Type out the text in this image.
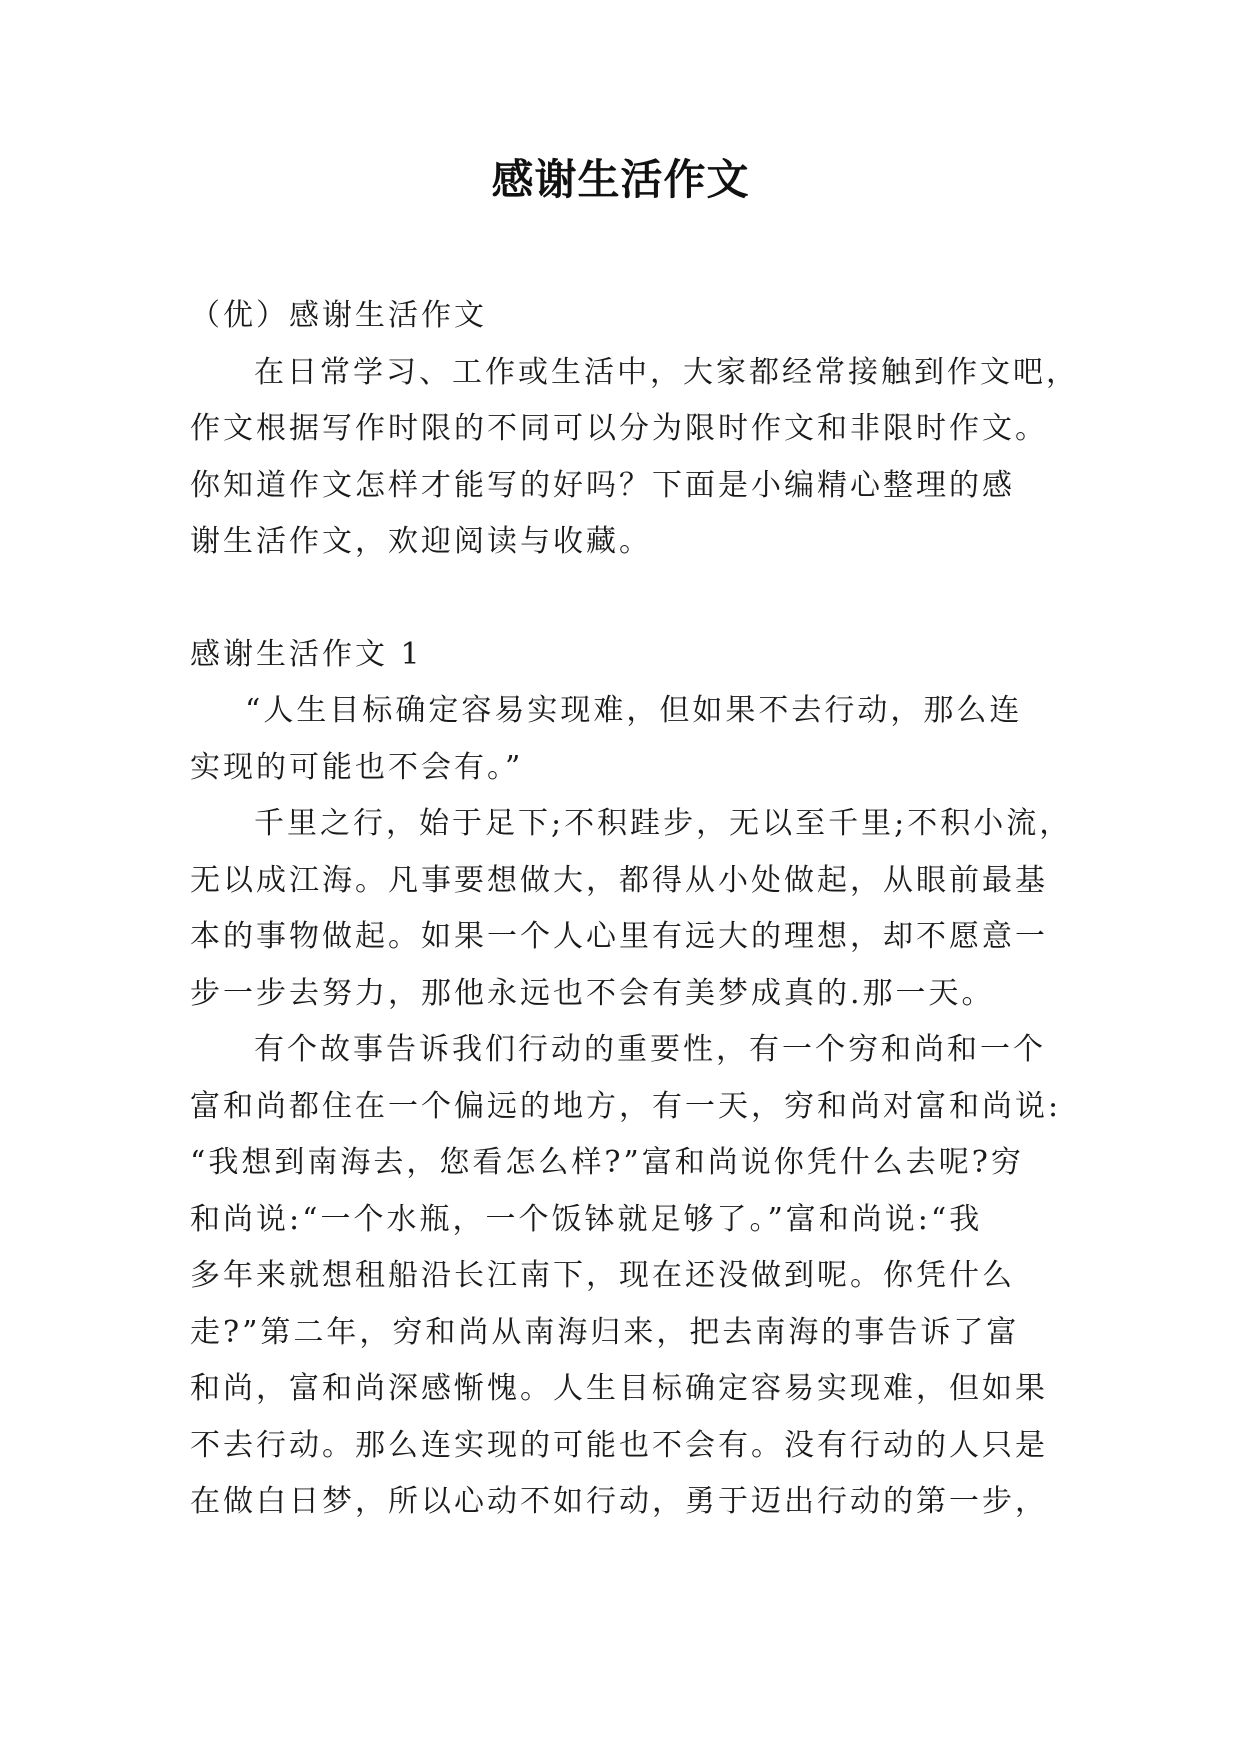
感谢生活作文

（优）感谢生活作文

在日常学习、工作或生活中，大家都经常接触到作文吧，

作文根据写作时限的不同可以分为限时作文和非限时作文。

你知道作文怎样才能写的好吗？下面是小编精心整理的感

谢生活作文，欢迎阅读与收藏。

感谢生活作文 1

“人生目标确定容易实现难，但如果不去行动，那么连

实现的可能也不会有。”

千里之行，始于足下;不积跬步，无以至千里;不积小流，

无以成江海。凡事要想做大，都得从小处做起，从眼前最基

本的事物做起。如果一个人心里有远大的理想，却不愿意一

步一步去努力，那他永远也不会有美梦成真的.那一天。

有个故事告诉我们行动的重要性，有一个穷和尚和一个

富和尚都住在一个偏远的地方，有一天，穷和尚对富和尚说:

“我想到南海去，您看怎么样?”富和尚说你凭什么去呢?穷

和尚说:“一个水瓶，一个饭钵就足够了。”富和尚说:“我

多年来就想租船沿长江南下，现在还没做到呢。你凭什么

走?”第二年，穷和尚从南海归来，把去南海的事告诉了富

和尚，富和尚深感惭愧。人生目标确定容易实现难，但如果

不去行动。那么连实现的可能也不会有。没有行动的人只是

在做白日梦，所以心动不如行动，勇于迈出行动的第一步，
